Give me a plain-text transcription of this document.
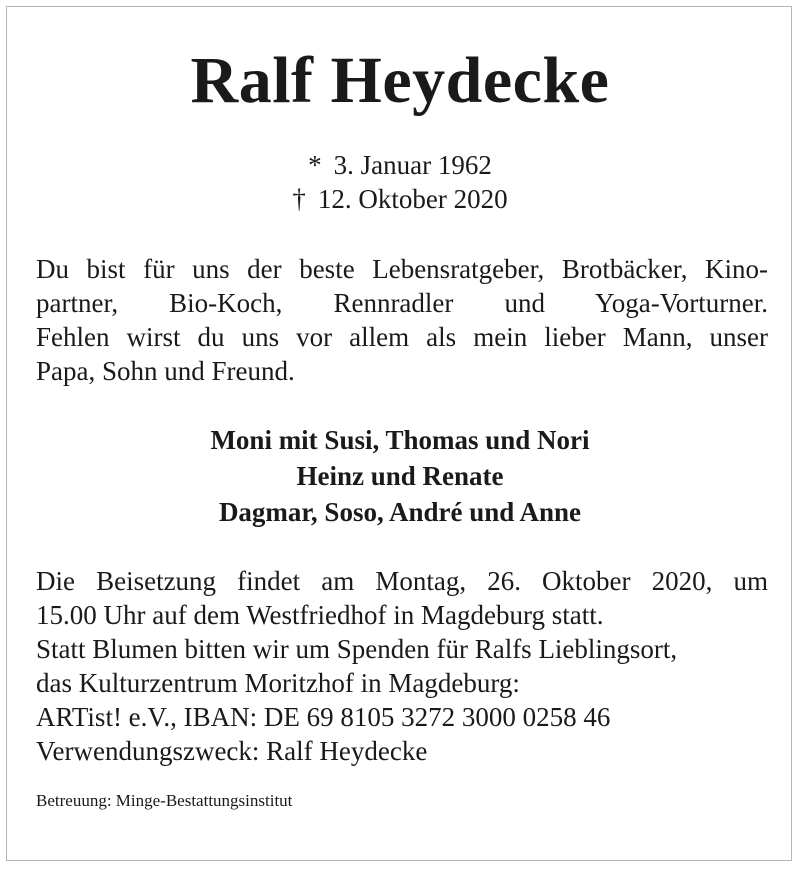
Ralf Heydecke
* 3. Januar 1962
† 12. Oktober 2020
Du bist für uns der beste Lebensratgeber, Brotbäcker, Kino-
partner, Bio-Koch, Rennradler und Yoga-Vorturner.
Fehlen wirst du uns vor allem als mein lieber Mann, unser
Papa, Sohn und Freund.
Moni mit Susi, Thomas und Nori
Heinz und Renate
Dagmar, Soso, André und Anne
Die Beisetzung findet am Montag, 26. Oktober 2020, um
15.00 Uhr auf dem Westfriedhof in Magdeburg statt.
Statt Blumen bitten wir um Spenden für Ralfs Lieblingsort,
das Kulturzentrum Moritzhof in Magdeburg:
ARTist! e.V., IBAN: DE 69 8105 3272 3000 0258 46
Verwendungszweck: Ralf Heydecke
Betreuung: Minge-Bestattungsinstitut
